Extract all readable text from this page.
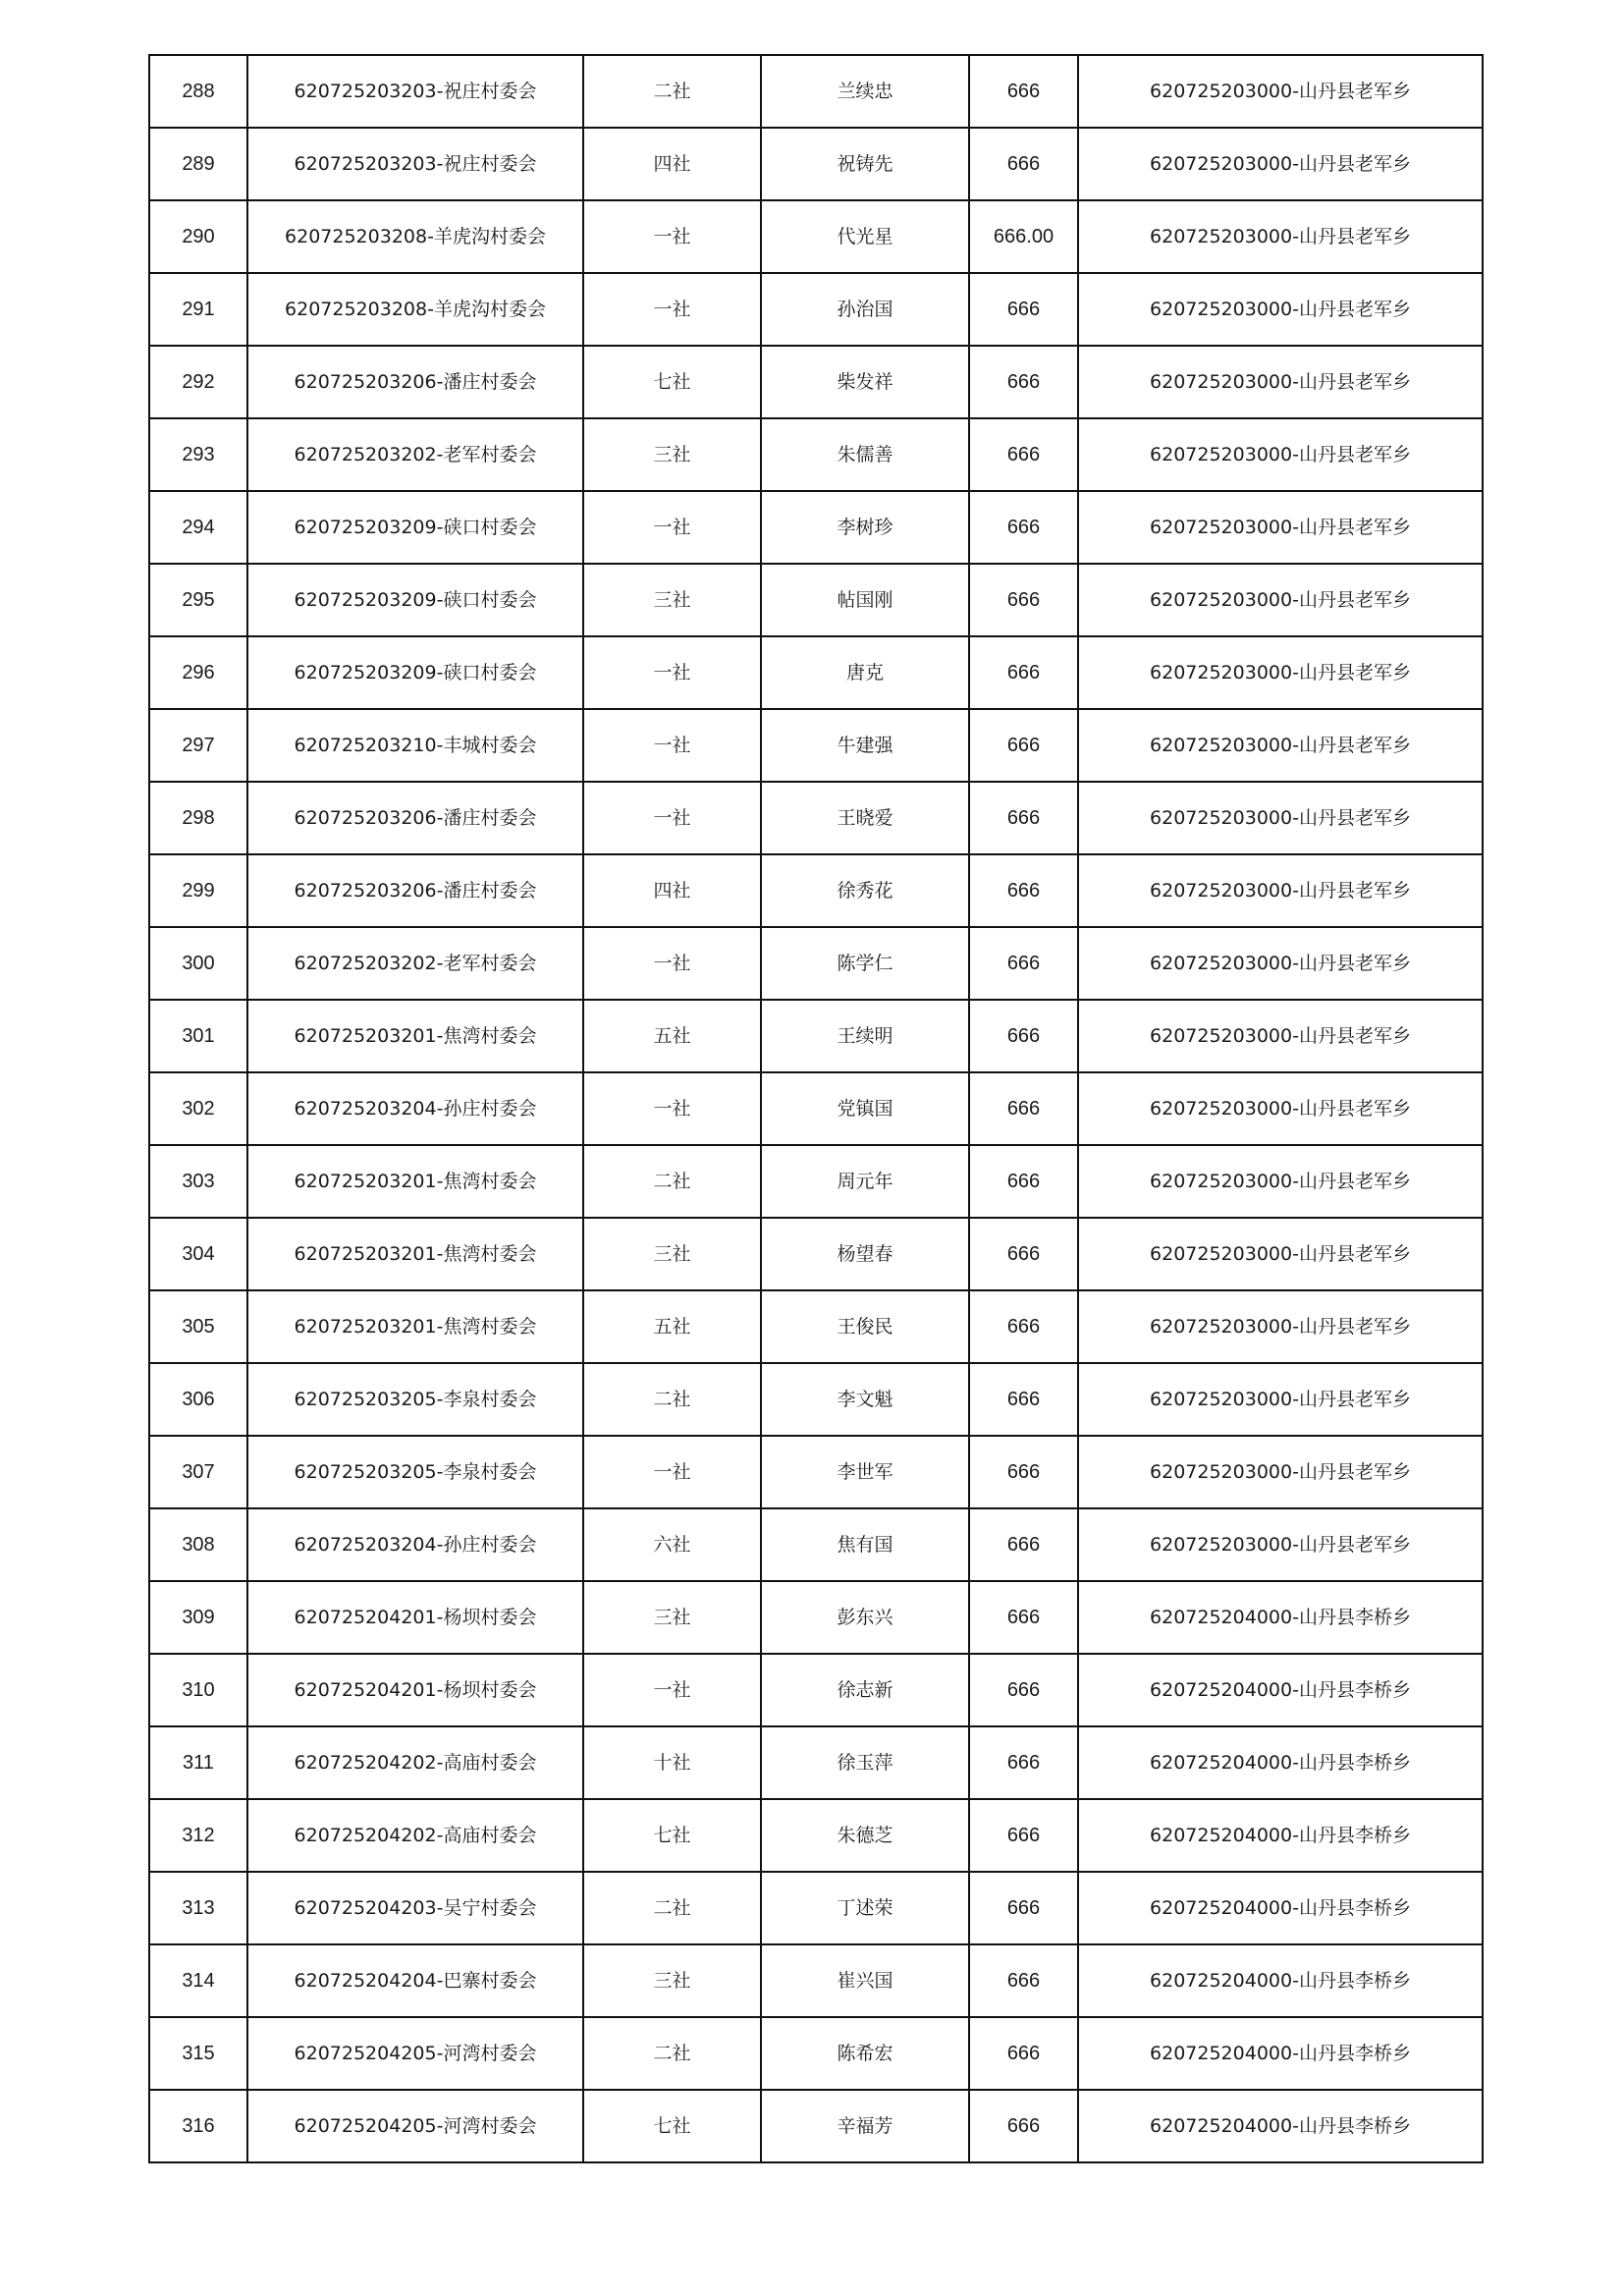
288	620725203203-祝庄村委会	二社	兰续忠	666	620725203000-山丹县老军乡
289	620725203203-祝庄村委会	四社	祝铸先	666	620725203000-山丹县老军乡
290	620725203208-羊虎沟村委会	一社	代光星	666.00	620725203000-山丹县老军乡
291	620725203208-羊虎沟村委会	一社	孙治国	666	620725203000-山丹县老军乡
292	620725203206-潘庄村委会	七社	柴发祥	666	620725203000-山丹县老军乡
293	620725203202-老军村委会	三社	朱儒善	666	620725203000-山丹县老军乡
294	620725203209-硖口村委会	一社	李树珍	666	620725203000-山丹县老军乡
295	620725203209-硖口村委会	三社	帖国刚	666	620725203000-山丹县老军乡
296	620725203209-硖口村委会	一社	唐克	666	620725203000-山丹县老军乡
297	620725203210-丰城村委会	一社	牛建强	666	620725203000-山丹县老军乡
298	620725203206-潘庄村委会	一社	王晓爱	666	620725203000-山丹县老军乡
299	620725203206-潘庄村委会	四社	徐秀花	666	620725203000-山丹县老军乡
300	620725203202-老军村委会	一社	陈学仁	666	620725203000-山丹县老军乡
301	620725203201-焦湾村委会	五社	王续明	666	620725203000-山丹县老军乡
302	620725203204-孙庄村委会	一社	党镇国	666	620725203000-山丹县老军乡
303	620725203201-焦湾村委会	二社	周元年	666	620725203000-山丹县老军乡
304	620725203201-焦湾村委会	三社	杨望春	666	620725203000-山丹县老军乡
305	620725203201-焦湾村委会	五社	王俊民	666	620725203000-山丹县老军乡
306	620725203205-李泉村委会	二社	李文魁	666	620725203000-山丹县老军乡
307	620725203205-李泉村委会	一社	李世军	666	620725203000-山丹县老军乡
308	620725203204-孙庄村委会	六社	焦有国	666	620725203000-山丹县老军乡
309	620725204201-杨坝村委会	三社	彭东兴	666	620725204000-山丹县李桥乡
310	620725204201-杨坝村委会	一社	徐志新	666	620725204000-山丹县李桥乡
311	620725204202-高庙村委会	十社	徐玉萍	666	620725204000-山丹县李桥乡
312	620725204202-高庙村委会	七社	朱德芝	666	620725204000-山丹县李桥乡
313	620725204203-吴宁村委会	二社	丁述荣	666	620725204000-山丹县李桥乡
314	620725204204-巴寨村委会	三社	崔兴国	666	620725204000-山丹县李桥乡
315	620725204205-河湾村委会	二社	陈希宏	666	620725204000-山丹县李桥乡
316	620725204205-河湾村委会	七社	辛福芳	666	620725204000-山丹县李桥乡
